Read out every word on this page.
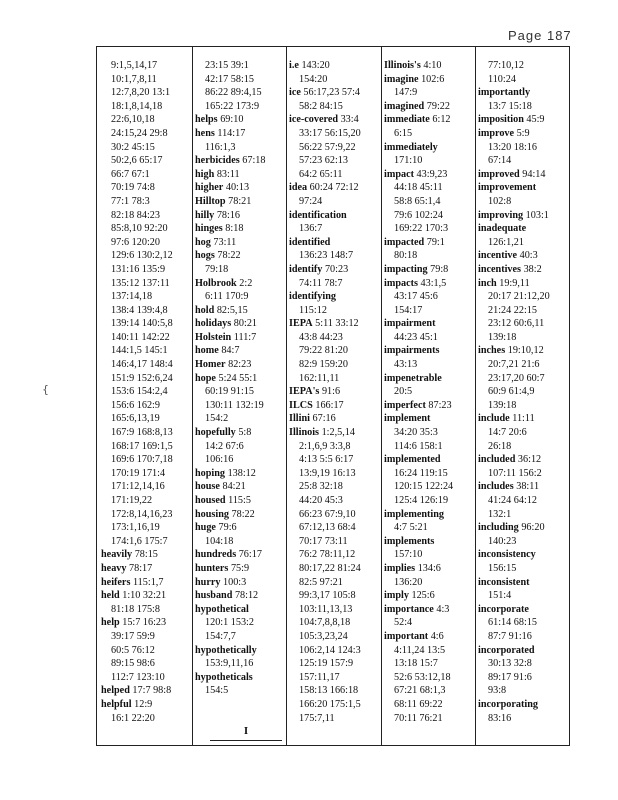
Page 187
{
9:1,5,14,17
10:1,7,8,11
12:7,8,20 13:1
18:1,8,14,18
22:6,10,18
24:15,24 29:8
30:2 45:15
50:2,6 65:17
66:7 67:1
70:19 74:8
77:1 78:3
82:18 84:23
85:8,10 92:20
97:6 120:20
129:6 130:2,12
131:16 135:9
135:12 137:11
137:14,18
138:4 139:4,8
139:14 140:5,8
140:11 142:22
144:1,5 145:1
146:4,17 148:4
151:9 152:6,24
153:6 154:2,4
156:6 162:9
165:6,13,19
167:9 168:8,13
168:17 169:1,5
169:6 170:7,18
170:19 171:4
171:12,14,16
171:19,22
172:8,14,16,23
173:1,16,19
174:1,6 175:7
heavily 78:15
heavy 78:17
heifers 115:1,7
held 1:10 32:21
81:18 175:8
help 15:7 16:23
39:17 59:9
60:5 76:12
89:15 98:6
112:7 123:10
helped 17:7 98:8
helpful 12:9
16:1 22:20
23:15 39:1
42:17 58:15
86:22 89:4,15
165:22 173:9
helps 69:10
hens 114:17
116:1,3
herbicides 67:18
high 83:11
higher 40:13
Hilltop 78:21
hilly 78:16
hinges 8:18
hog 73:11
hogs 78:22
79:18
Holbrook 2:2
6:11 170:9
hold 82:5,15
holidays 80:21
Holstein 111:7
home 84:7
Homer 82:23
hope 5:24 55:1
60:19 91:15
130:11 132:19
154:2
hopefully 5:8
14:2 67:6
106:16
hoping 138:12
house 84:21
housed 115:5
housing 78:22
huge 79:6
104:18
hundreds 76:17
hunters 75:9
hurry 100:3
husband 78:12
hypothetical
120:1 153:2
154:7,7
hypothetically
153:9,11,16
hypotheticals
154:5
I
i.e 143:20
154:20
ice 56:17,23 57:4
58:2 84:15
ice-covered 33:4
33:17 56:15,20
56:22 57:9,22
57:23 62:13
64:2 65:11
idea 60:24 72:12
97:24
identification
136:7
identified
136:23 148:7
identify 70:23
74:11 78:7
identifying
115:12
IEPA 5:11 33:12
43:8 44:23
79:22 81:20
82:9 159:20
162:11,11
IEPA's 91:6
ILCS 166:17
Illini 67:16
Illinois 1:2,5,14
2:1,6,9 3:3,8
4:13 5:5 6:17
13:9,19 16:13
25:8 32:18
44:20 45:3
66:23 67:9,10
67:12,13 68:4
70:17 73:11
76:2 78:11,12
80:17,22 81:24
82:5 97:21
99:3,17 105:8
103:11,13,13
104:7,8,8,18
105:3,23,24
106:2,14 124:3
125:19 157:9
157:11,17
158:13 166:18
166:20 175:1,5
175:7,11
Illinois's 4:10
imagine 102:6
147:9
imagined 79:22
immediate 6:12
6:15
immediately
171:10
impact 43:9,23
44:18 45:11
58:8 65:1,4
79:6 102:24
169:22 170:3
impacted 79:1
80:18
impacting 79:8
impacts 43:1,5
43:17 45:6
154:17
impairment
44:23 45:1
impairments
43:13
impenetrable
20:5
imperfect 87:23
implement
34:20 35:3
114:6 158:1
implemented
16:24 119:15
120:15 122:24
125:4 126:19
implementing
4:7 5:21
implements
157:10
implies 134:6
136:20
imply 125:6
importance 4:3
52:4
important 4:6
4:11,24 13:5
13:18 15:7
52:6 53:12,18
67:21 68:1,3
68:11 69:22
70:11 76:21
77:10,12
110:24
importantly
13:7 15:18
imposition 45:9
improve 5:9
13:20 18:16
67:14
improved 94:14
improvement
102:8
improving 103:1
inadequate
126:1,21
incentive 40:3
incentives 38:2
inch 19:9,11
20:17 21:12,20
21:24 22:15
23:12 60:6,11
139:18
inches 19:10,12
20:7,21 21:6
23:17,20 60:7
60:9 61:4,9
139:18
include 11:11
14:7 20:6
26:18
included 36:12
107:11 156:2
includes 38:11
41:24 64:12
132:1
including 96:20
140:23
inconsistency
156:15
inconsistent
151:4
incorporate
61:14 68:15
87:7 91:16
incorporated
30:13 32:8
89:17 91:6
93:8
incorporating
83:16
